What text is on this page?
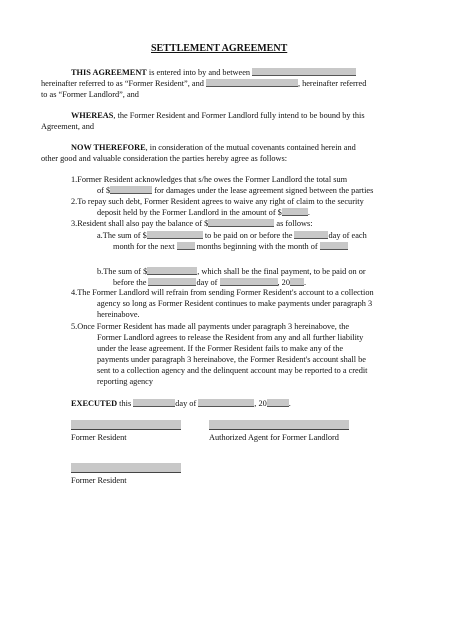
SETTLEMENT AGREEMENT
THIS AGREEMENT is entered into by and between
hereinafter referred to as “Former Resident”, and	, hereinafter referred
to as “Former Landlord”, and
WHEREAS, the Former Resident and Former Landlord fully intend to be bound by this
Agreement, and
NOW THEREFORE, in consideration of the mutual covenants contained herein and
other good and valuable consideration the parties hereby agree as follows:
1.Former Resident acknowledges that s/he owes the Former Landlord the total sum
of $	for damages under the lease agreement signed between the parties
2.To repay such debt, Former Resident agrees to waive any right of claim to the security
deposit held by the Former Landlord in the amount of $	.
3.Resident shall also pay the balance of $	as follows:
a.The sum of $	to be paid on or before the	day of each
month for the next  months beginning with the month of
b.The sum of $	, which shall be the final payment, to be paid on or
before the	day of	, 20 .
4.The Former Landlord will refrain from sending Former Resident's account to a collection
agency so long as Former Resident continues to make payments under paragraph 3
hereinabove.
5.Once Former Resident has made all payments under paragraph 3 hereinabove, the
Former Landlord agrees to release the Resident from any and all further liability
under the lease agreement. If the Former Resident fails to make any of the
payments under paragraph 3 hereinabove, the Former Resident's account shall be
sent to a collection agency and the delinquent account may be reported to a credit
reporting agency
EXECUTED this	day of	, 20	.
Former Resident	Authorized Agent for Former Landlord
Former Resident
